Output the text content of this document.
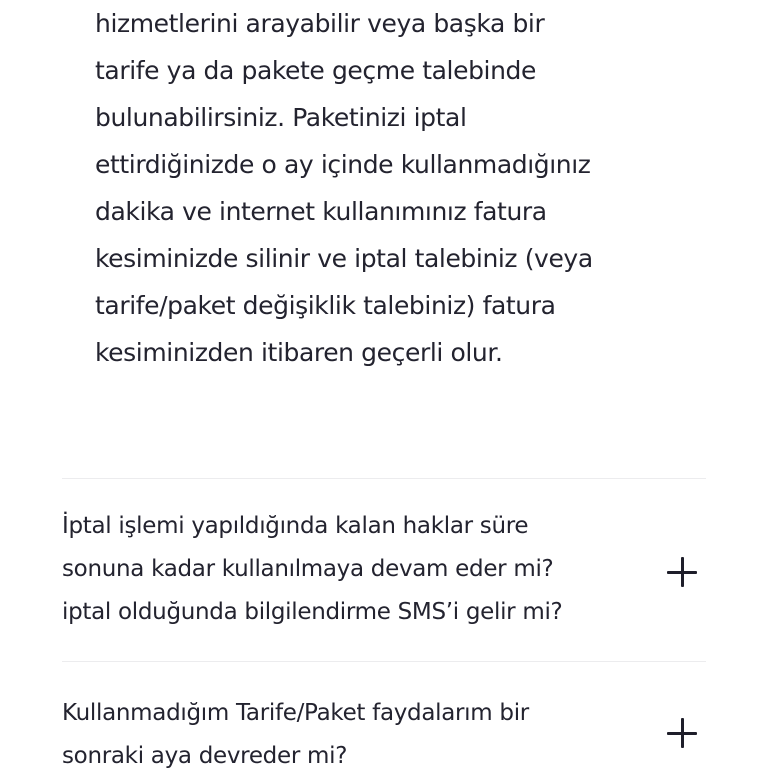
hizmetlerini arayabilir veya başka bir
tarife ya da pakete geçme talebinde
bulunabilirsiniz. Paketinizi iptal
ettirdiğinizde o ay içinde kullanmadığınız
dakika ve internet kullanımınız fatura
kesiminizde silinir ve iptal talebiniz (veya
tarife/paket değişiklik talebiniz) fatura
kesiminizden itibaren geçerli olur.
İptal işlemi yapıldığında kalan haklar süre
sonuna kadar kullanılmaya devam eder mi?
iptal olduğunda bilgilendirme SMS’i gelir mi?
Kullanmadığım Tarife/Paket faydalarım bir
sonraki aya devreder mi?
